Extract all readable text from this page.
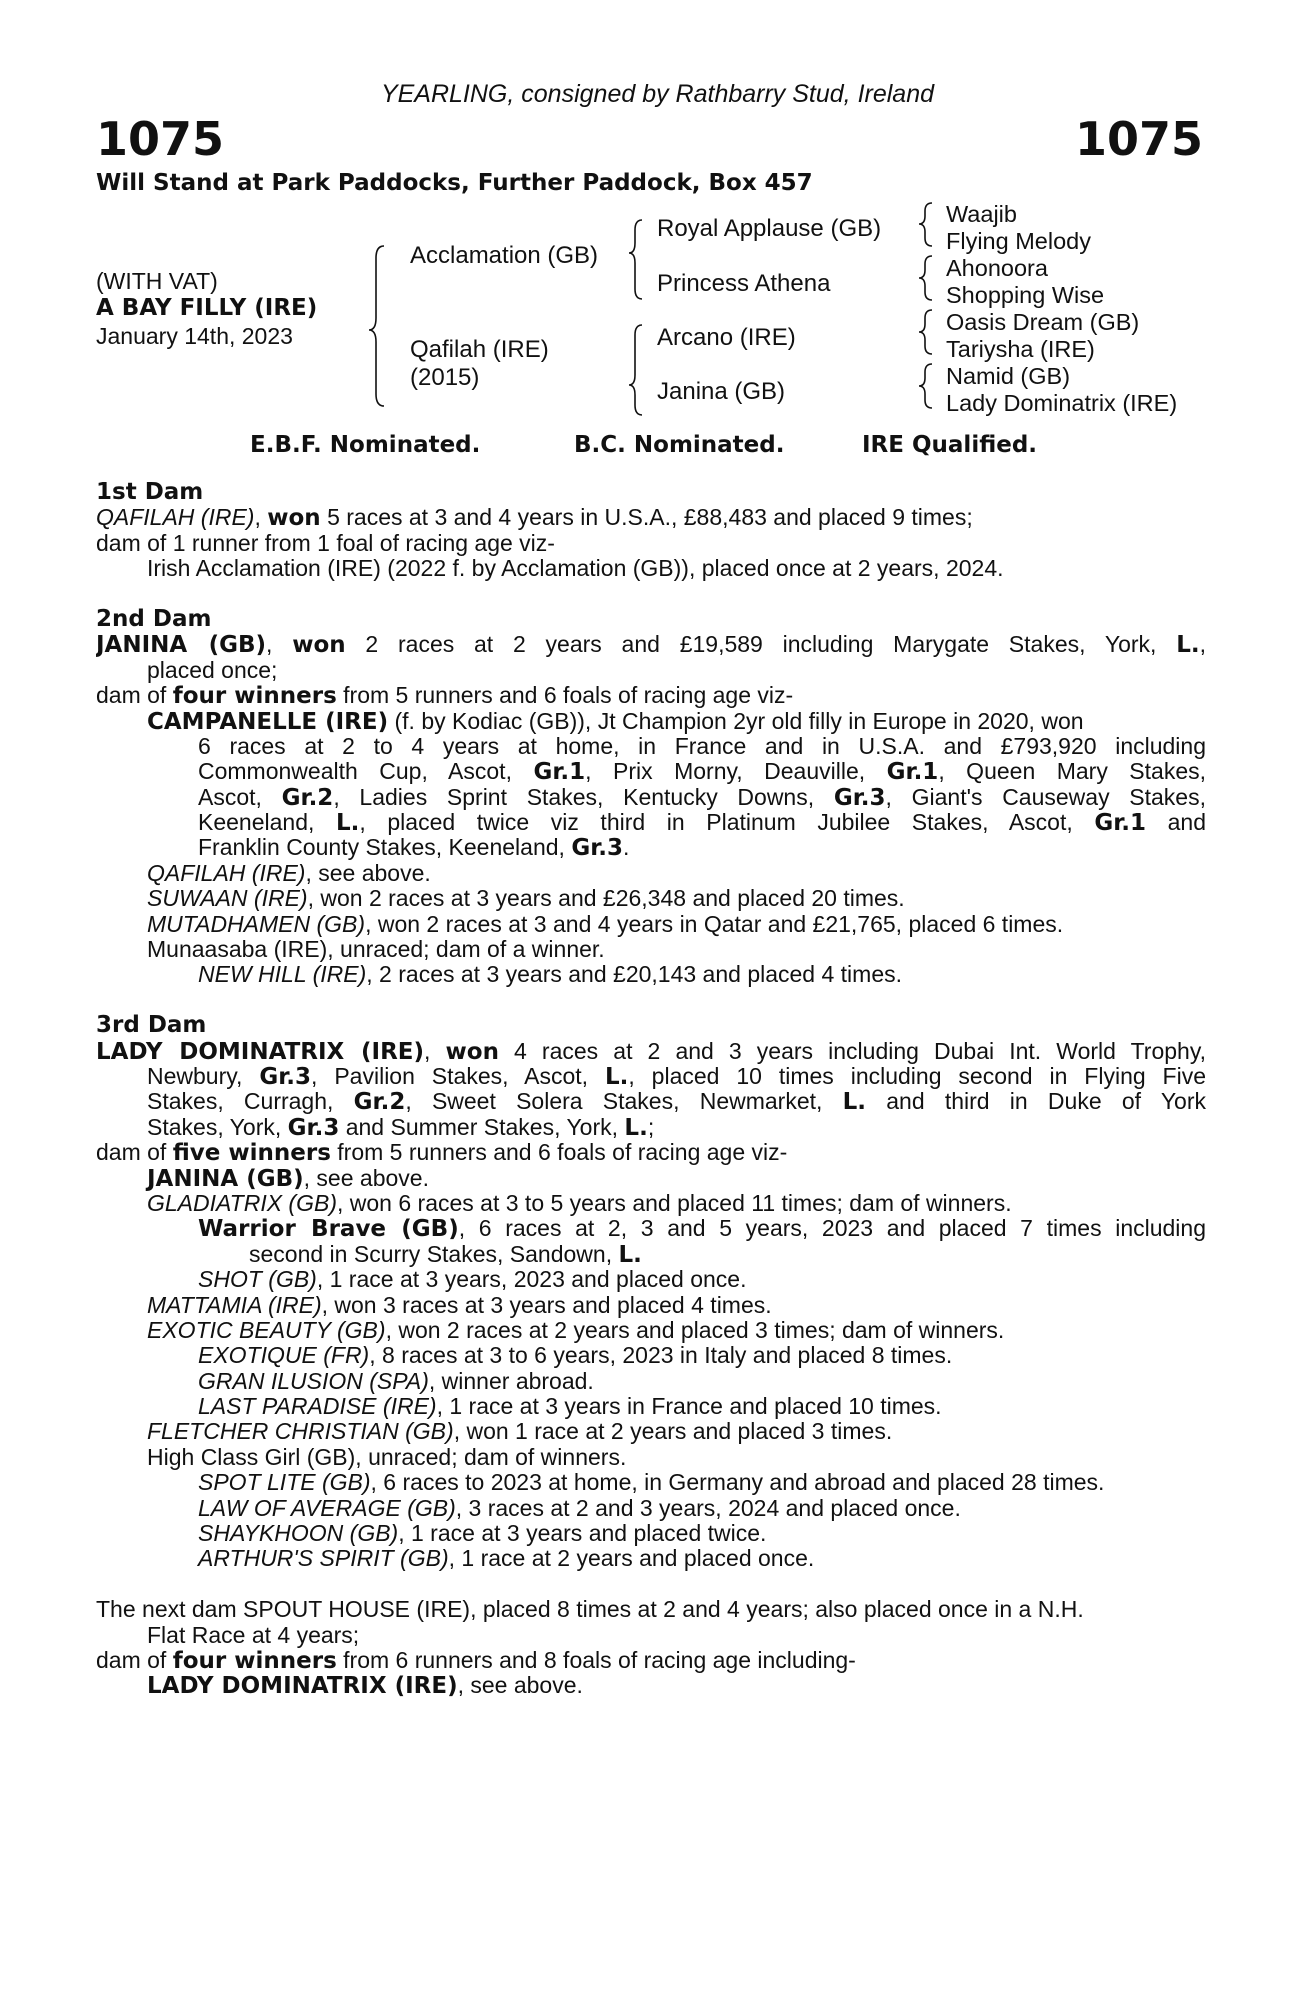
YEARLING, consigned by Rathbarry Stud, Ireland
1075	1075
Will Stand at Park Paddocks, Further Paddock, Box 457
(WITH VAT)
A BAY FILLY (IRE)
January 14th, 2023
Acclamation (GB)
Qafilah (IRE)
(2015)
Royal Applause (GB)
Princess Athena
Arcano (IRE)
Janina (GB)
Waajib
Flying Melody
Ahonoora
Shopping Wise
Oasis Dream (GB)
Tariysha (IRE)
Namid (GB)
Lady Dominatrix (IRE)
E.B.F. Nominated.	B.C. Nominated.	IRE Qualified.
1st Dam
QAFILAH (IRE), won 5 races at 3 and 4 years in U.S.A., £88,483 and placed 9 times;
dam of 1 runner from 1 foal of racing age viz-
Irish Acclamation (IRE) (2022 f. by Acclamation (GB)), placed once at 2 years, 2024.
2nd Dam
JANINA (GB), won 2 races at 2 years and £19,589 including Marygate Stakes, York, L.,
placed once;
dam of four winners from 5 runners and 6 foals of racing age viz-
CAMPANELLE (IRE) (f. by Kodiac (GB)), Jt Champion 2yr old filly in Europe in 2020, won
6 races at 2 to 4 years at home, in France and in U.S.A. and £793,920 including
Commonwealth Cup, Ascot, Gr.1, Prix Morny, Deauville, Gr.1, Queen Mary Stakes,
Ascot, Gr.2, Ladies Sprint Stakes, Kentucky Downs, Gr.3, Giant's Causeway Stakes,
Keeneland, L., placed twice viz third in Platinum Jubilee Stakes, Ascot, Gr.1 and
Franklin County Stakes, Keeneland, Gr.3.
QAFILAH (IRE), see above.
SUWAAN (IRE), won 2 races at 3 years and £26,348 and placed 20 times.
MUTADHAMEN (GB), won 2 races at 3 and 4 years in Qatar and £21,765, placed 6 times.
Munaasaba (IRE), unraced; dam of a winner.
NEW HILL (IRE), 2 races at 3 years and £20,143 and placed 4 times.
3rd Dam
LADY DOMINATRIX (IRE), won 4 races at 2 and 3 years including Dubai Int. World Trophy,
Newbury, Gr.3, Pavilion Stakes, Ascot, L., placed 10 times including second in Flying Five
Stakes, Curragh, Gr.2, Sweet Solera Stakes, Newmarket, L. and third in Duke of York
Stakes, York, Gr.3 and Summer Stakes, York, L.;
dam of five winners from 5 runners and 6 foals of racing age viz-
JANINA (GB), see above.
GLADIATRIX (GB), won 6 races at 3 to 5 years and placed 11 times; dam of winners.
Warrior Brave (GB), 6 races at 2, 3 and 5 years, 2023 and placed 7 times including
second in Scurry Stakes, Sandown, L.
SHOT (GB), 1 race at 3 years, 2023 and placed once.
MATTAMIA (IRE), won 3 races at 3 years and placed 4 times.
EXOTIC BEAUTY (GB), won 2 races at 2 years and placed 3 times; dam of winners.
EXOTIQUE (FR), 8 races at 3 to 6 years, 2023 in Italy and placed 8 times.
GRAN ILUSION (SPA), winner abroad.
LAST PARADISE (IRE), 1 race at 3 years in France and placed 10 times.
FLETCHER CHRISTIAN (GB), won 1 race at 2 years and placed 3 times.
High Class Girl (GB), unraced; dam of winners.
SPOT LITE (GB), 6 races to 2023 at home, in Germany and abroad and placed 28 times.
LAW OF AVERAGE (GB), 3 races at 2 and 3 years, 2024 and placed once.
SHAYKHOON (GB), 1 race at 3 years and placed twice.
ARTHUR'S SPIRIT (GB), 1 race at 2 years and placed once.
The next dam SPOUT HOUSE (IRE), placed 8 times at 2 and 4 years; also placed once in a N.H.
Flat Race at 4 years;
dam of four winners from 6 runners and 8 foals of racing age including-
LADY DOMINATRIX (IRE), see above.
